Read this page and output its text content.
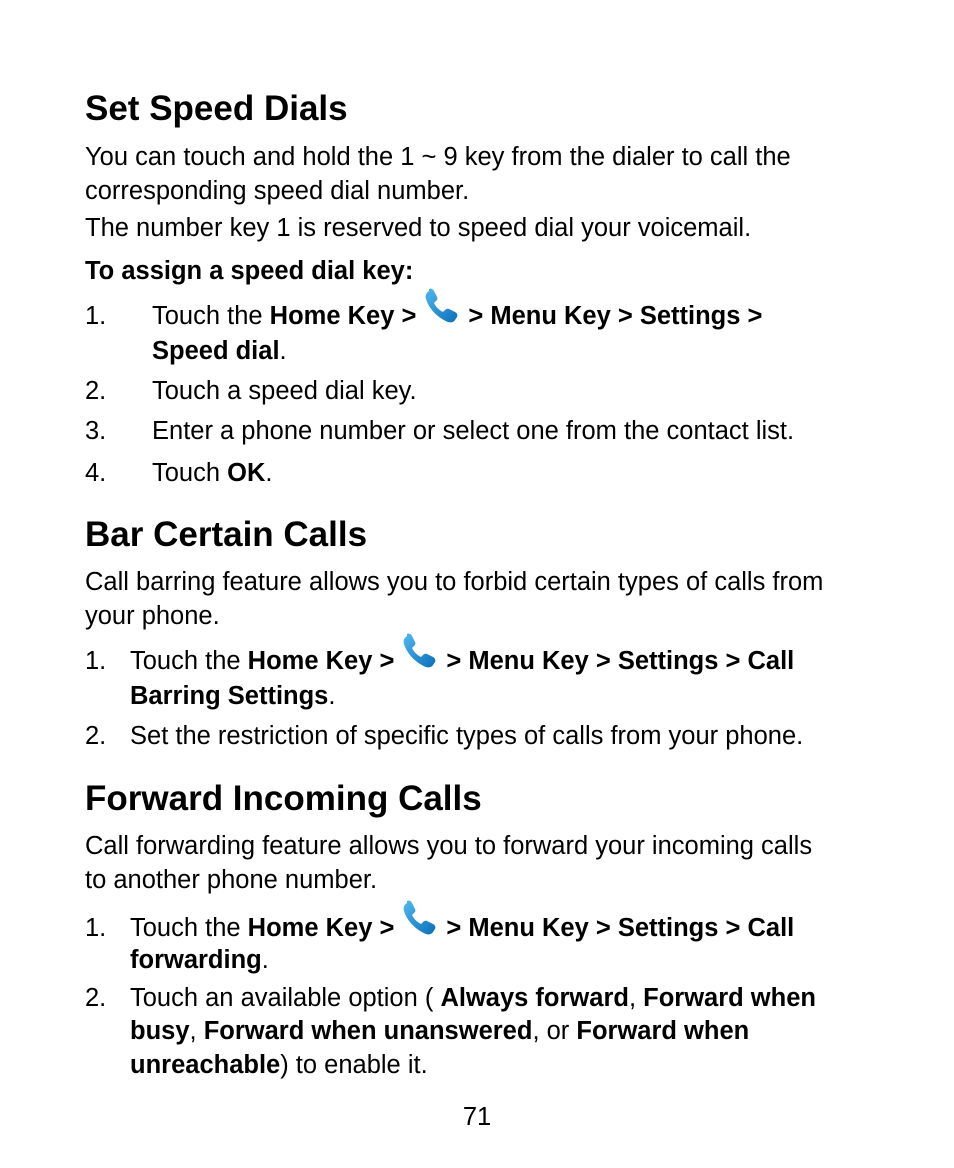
Set Speed Dials

You can touch and hold the 1 ~ 9 key from the dialer to call the

corresponding speed dial number.

The number key 1 is reserved to speed dial your voicemail.

To assign a speed dial key:

1. Touch the Home Key > > Menu Key > Settings >
Speed dial.
2. Touch a speed dial key.
3. Enter a phone number or select one from the contact list.
4. Touch OK.
Bar Certain Calls

Call barring feature allows you to forbid certain types of calls from

your phone.

1. Touch the Home Key > > Menu Key > Settings > Call
Barring Settings.
2. Set the restriction of specific types of calls from your phone.
Forward Incoming Calls

Call forwarding feature allows you to forward your incoming calls

to another phone number.

1. Touch the Home Key > > Menu Key > Settings > Call
forwarding.
2. Touch an available option ( Always forward, Forward when
busy, Forward when unanswered, or Forward when
unreachable) to enable it.
71
